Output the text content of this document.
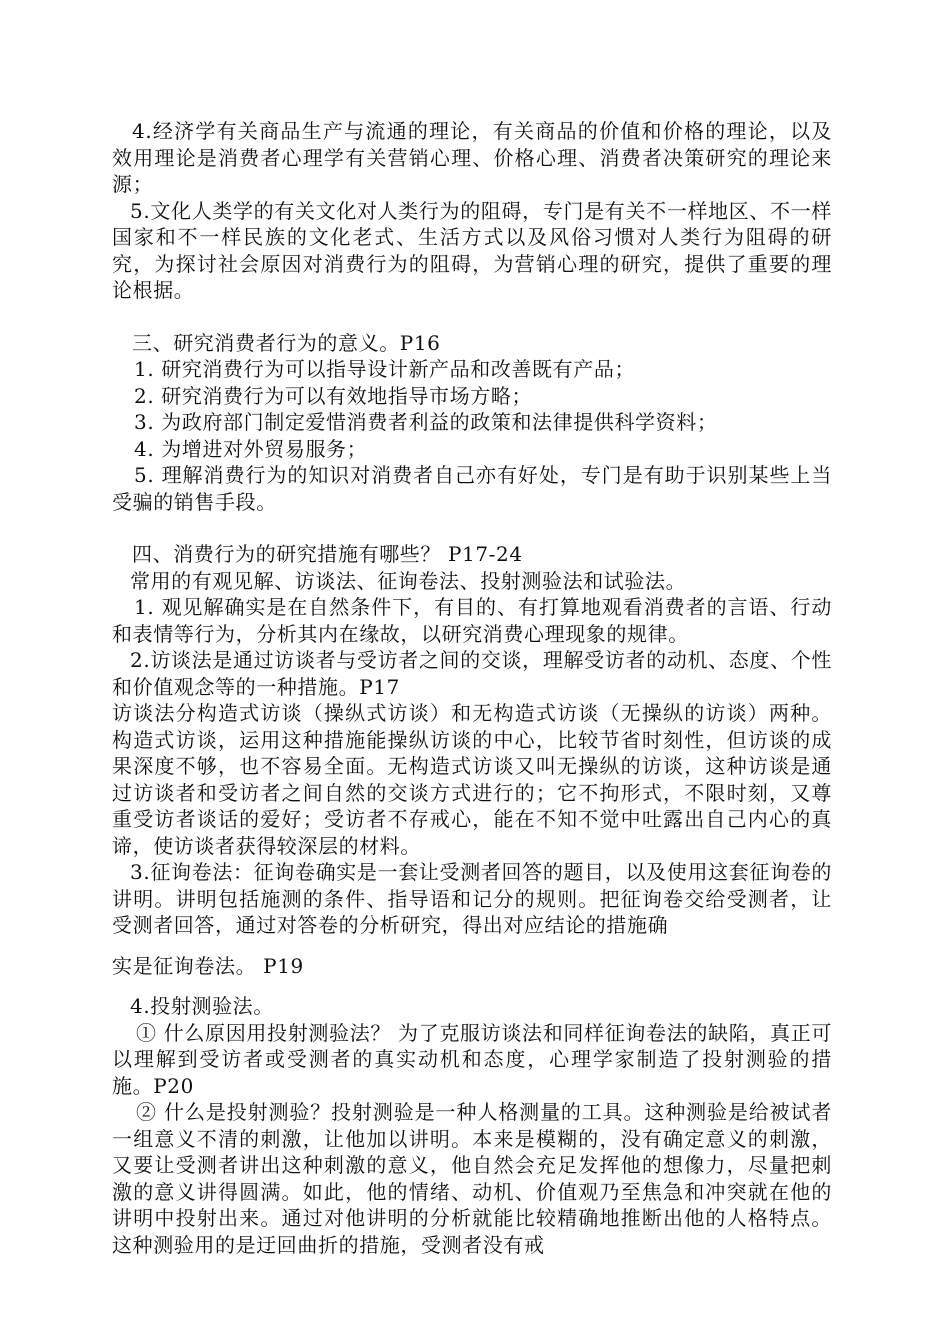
4.经济学有关商品生产与流通的理论，有关商品的价值和价格的理论，以及效用理论是消费者心理学有关营销心理、价格心理、消费者决策研究的理论来源；

5.文化人类学的有关文化对人类行为的阻碍，专门是有关不一样地区、不一样国家和不一样民族的文化老式、生活方式以及风俗习惯对人类行为阻碍的研究，为探讨社会原因对消费行为的阻碍，为营销心理的研究，提供了重要的理论根据。

三、研究消费者行为的意义。P16

1. 研究消费行为可以指导设计新产品和改善既有产品；

2. 研究消费行为可以有效地指导市场方略；

3. 为政府部门制定爱惜消费者利益的政策和法律提供科学资料；

4. 为增进对外贸易服务；

5. 理解消费行为的知识对消费者自己亦有好处，专门是有助于识别某些上当受骗的销售手段。

四、消费行为的研究措施有哪些？ P17-24

常用的有观见解、访谈法、征询卷法、投射测验法和试验法。

1. 观见解确实是在自然条件下，有目的、有打算地观看消费者的言语、行动和表情等行为，分析其内在缘故，以研究消费心理现象的规律。

2.访谈法是通过访谈者与受访者之间的交谈，理解受访者的动机、态度、个性和价值观念等的一种措施。P17

访谈法分构造式访谈（操纵式访谈）和无构造式访谈（无操纵的访谈）两种。构造式访谈，运用这种措施能操纵访谈的中心，比较节省时刻性，但访谈的成果深度不够，也不容易全面。无构造式访谈又叫无操纵的访谈，这种访谈是通过访谈者和受访者之间自然的交谈方式进行的；它不拘形式，不限时刻，又尊重受访者谈话的爱好；受访者不存戒心，能在不知不觉中吐露出自己内心的真谛，使访谈者获得较深层的材料。

3.征询卷法：征询卷确实是一套让受测者回答的题目，以及使用这套征询卷的讲明。讲明包括施测的条件、指导语和记分的规则。把征询卷交给受测者，让受测者回答，通过对答卷的分析研究，得出对应结论的措施确

实是征询卷法。 P19

4.投射测验法。

① 什么原因用投射测验法？ 为了克服访谈法和同样征询卷法的缺陷，真正可以理解到受访者或受测者的真实动机和态度，心理学家制造了投射测验的措施。P20

② 什么是投射测验？投射测验是一种人格测量的工具。这种测验是给被试者一组意义不清的刺激，让他加以讲明。本来是模糊的，没有确定意义的刺激，又要让受测者讲出这种刺激的意义，他自然会充足发挥他的想像力，尽量把刺激的意义讲得圆满。如此，他的情绪、动机、价值观乃至焦急和冲突就在他的讲明中投射出来。通过对他讲明的分析就能比较精确地推断出他的人格特点。这种测验用的是迂回曲折的措施，受测者没有戒
